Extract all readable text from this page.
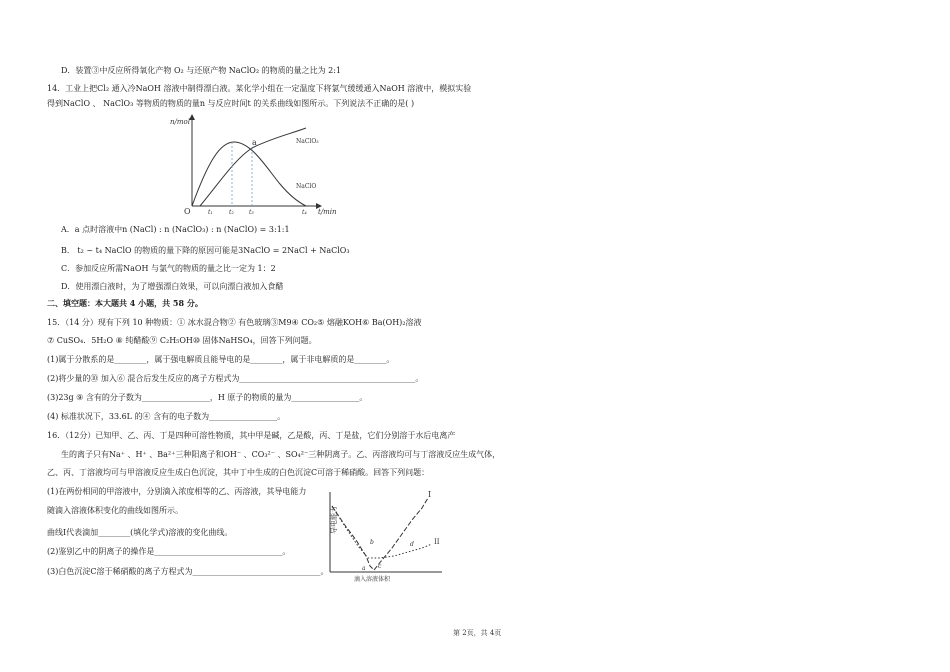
D．装置③中反应所得氧化产物 O₂ 与还原产物 NaClO₂ 的物质的量之比为 2:1
14．工业上把Cl₂ 通入冷NaOH 溶液中制得漂白液。某化学小组在一定温度下将氯气缓缓通入NaOH 溶液中，模拟实验
得到NaClO 、 NaClO₃ 等物质的物质的量n 与反应时间t 的关系曲线如图所示。下列说法不正确的是( )
n/mol
O	t/min
a	NaClO₃
NaClO
t₁	t₂	t₃	t₄
A．a 点时溶液中n (NaCl) : n (NaClO₃) : n (NaClO) = 3:1:1
B． t₂ ~ t₄ NaClO 的物质的量下降的原因可能是3NaClO = 2NaCl + NaClO₃
C．参加反应所需NaOH 与氯气的物质的量之比一定为 1：2
D．使用漂白液时，为了增强漂白效果，可以向漂白液加入食醋
二、填空题：本大题共 4 小题，共 58 分。
15．（14 分）现有下列 10 种物质：① 冰水混合物② 有色玻璃③M9④ CO₂⑤ 熔融KOH⑥ Ba(OH)₂溶液
⑦ CuSO₄．5H₂O ⑧ 纯醋酸⑨ C₂H₅OH⑩ 固体NaHSO₄，回答下列问题。
(1)属于分散系的是________，属于强电解质且能导电的是________，属于非电解质的是________。
(2)将少量的⑩ 加入⑥ 混合后发生反应的离子方程式为____________________________________________。
(3)23g ⑨ 含有的分子数为_________________，H 原子的物质的量为_________________。
(4) 标准状况下，33.6L 的④ 含有的电子数为_________________。
16．（12分）已知甲、乙、丙、丁是四种可溶性物质，其中甲是碱，乙是酸，丙、丁是盐，它们分别溶于水后电离产
生的离子只有Na⁺ 、H⁺ 、Ba²⁺三种阳离子和OH⁻ 、CO₃²⁻ 、SO₄²⁻三种阴离子。乙、丙溶液均可与丁溶液反应生成气体，
乙、丙、丁溶液均可与甲溶液反应生成白色沉淀，其中丁中生成的白色沉淀C可溶于稀硝酸。回答下列问题：
(1)在两份相同的甲溶液中，分别滴入浓度相等的乙、丙溶液，其导电能力
随滴入溶液体积变化的曲线如图所示。
曲线I代表滴加________(填化学式)溶液的变化曲线。
(2)鉴别乙中的阴离子的操作是________________________________。
(3)白色沉淀C溶于稀硝酸的离子方程式为________________________________。
导电能力
I
II
a
b
c
d
滴入溶液体积
第 2页，共 4页
